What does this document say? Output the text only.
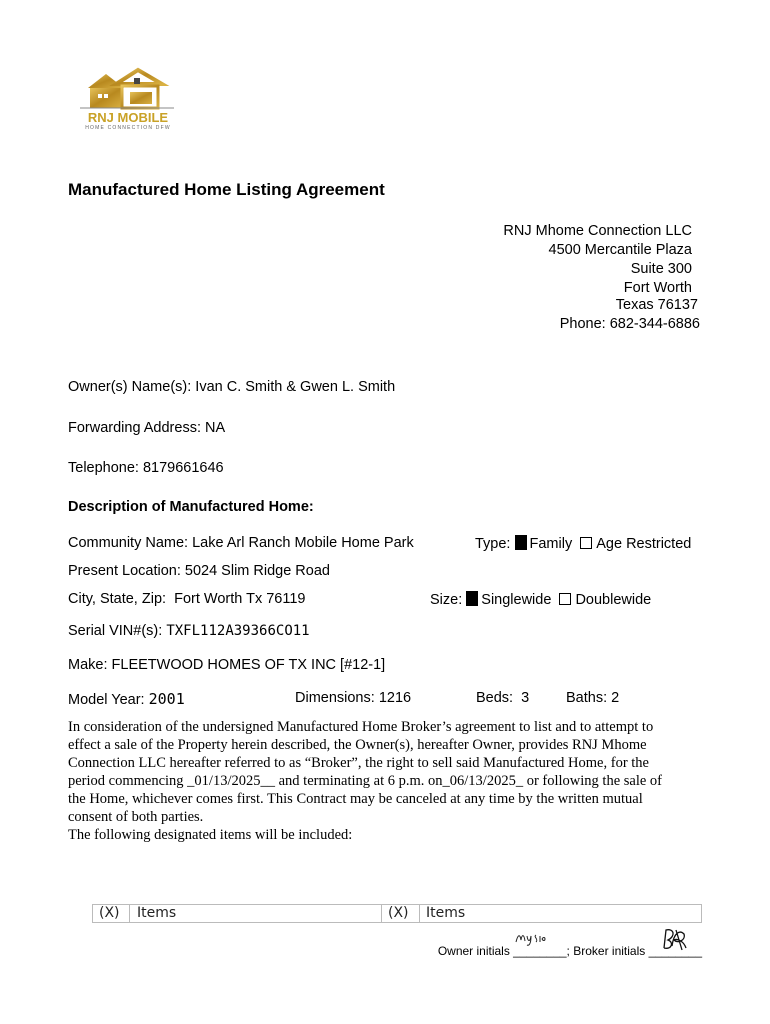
RNJ MOBILE
HOME CONNECTION DFW
Manufactured Home Listing Agreement
RNJ Mhome Connection LLC
4500 Mercantile Plaza
Suite 300
Fort Worth
Texas 76137
Phone: 682-344-6886
Owner(s) Name(s): Ivan C. Smith & Gwen L. Smith
Forwarding Address: NA
Telephone: 8179661646
Description of Manufactured Home:
Community Name: Lake Arl Ranch Mobile Home Park	Type: Family Age Restricted
Present Location: 5024 Slim Ridge Road
City, State, Zip: Fort Worth Tx 76119	Size: Singlewide Doublewide
Serial VIN#(s): TXFL112A39366CO11
Make: FLEETWOOD HOMES OF TX INC [#12-1]
Model Year: 2001	Dimensions: 1216	Beds: 3	Baths: 2
In consideration of the undersigned Manufactured Home Broker’s agreement to list and to attempt to
effect a sale of the Property herein described, the Owner(s), hereafter Owner, provides RNJ Mhome
Connection LLC hereafter referred to as “Broker”, the right to sell said Manufactured Home, for the
period commencing _01/13/2025__ and terminating at 6 p.m. on_06/13/2025_ or following the sale of
the Home, whichever comes first. This Contract may be canceled at any time by the written mutual
consent of both parties.
The following designated items will be included:
(X) Items	(X) Items
Owner initials ________; Broker initials ________
